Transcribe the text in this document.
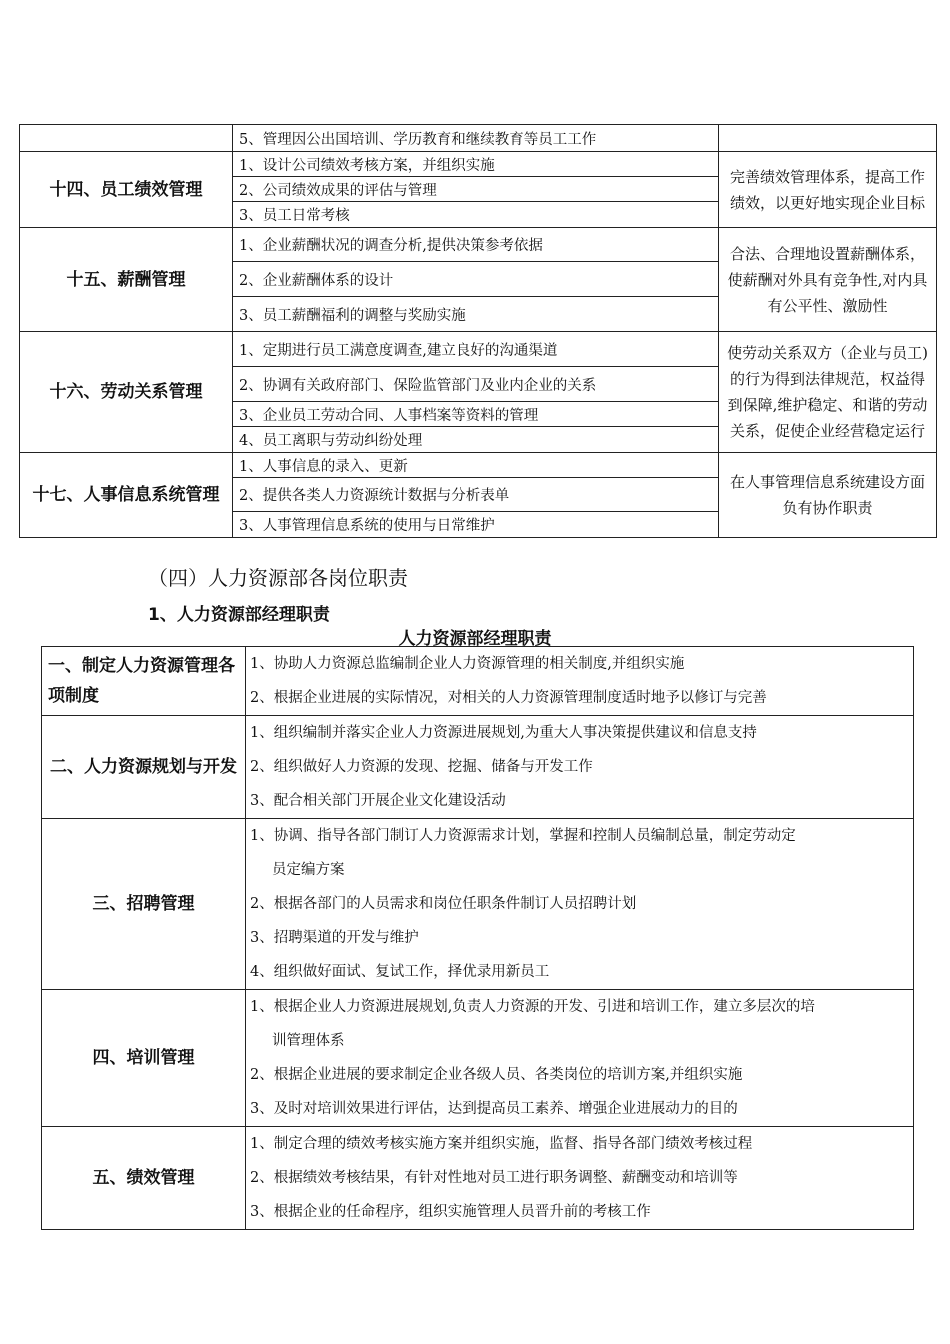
	5、管理因公出国培训、学历教育和继续教育等员工工作	
十四、员工绩效管理	1、设计公司绩效考核方案，并组织实施	完善绩效管理体系，提高工作绩效，以更好地实现企业目标
	2、公司绩效成果的评估与管理	
	3、员工日常考核	
十五、薪酬管理	1、企业薪酬状况的调查分析,提供决策参考依据	合法、合理地设置薪酬体系，使薪酬对外具有竞争性,对内具有公平性、激励性
	2、企业薪酬体系的设计	
	3、员工薪酬福利的调整与奖励实施	
十六、劳动关系管理	1、定期进行员工满意度调查,建立良好的沟通渠道	使劳动关系双方（企业与员工)的行为得到法律规范，权益得到保障,维护稳定、和谐的劳动关系，促使企业经营稳定运行
	2、协调有关政府部门、保险监管部门及业内企业的关系	
	3、企业员工劳动合同、人事档案等资料的管理	
	4、员工离职与劳动纠纷处理	
十七、人事信息系统管理	1、人事信息的录入、更新	在人事管理信息系统建设方面负有协作职责
	2、提供各类人力资源统计数据与分析表单	
	3、人事管理信息系统的使用与日常维护	
（四）人力资源部各岗位职责
1、人力资源部经理职责
人力资源部经理职责
一、制定人力资源管理各项制度	1、协助人力资源总监编制企业人力资源管理的相关制度,并组织实施

2、根据企业进展的实际情况，对相关的人力资源管理制度适时地予以修订与完善

二、人力资源规划与开发	1、组织编制并落实企业人力资源进展规划,为重大人事决策提供建议和信息支持

2、组织做好人力资源的发现、挖掘、储备与开发工作

3、配合相关部门开展企业文化建设活动

三、招聘管理	1、协调、指导各部门制订人力资源需求计划，掌握和控制人员编制总量，制定劳动定

员定编方案

2、根据各部门的人员需求和岗位任职条件制订人员招聘计划

3、招聘渠道的开发与维护

4、组织做好面试、复试工作，择优录用新员工

四、培训管理	1、根据企业人力资源进展规划,负责人力资源的开发、引进和培训工作，建立多层次的培

训管理体系

2、根据企业进展的要求制定企业各级人员、各类岗位的培训方案,并组织实施

3、及时对培训效果进行评估，达到提高员工素养、增强企业进展动力的目的

五、绩效管理	1、制定合理的绩效考核实施方案并组织实施，监督、指导各部门绩效考核过程

2、根据绩效考核结果，有针对性地对员工进行职务调整、薪酬变动和培训等

3、根据企业的任命程序，组织实施管理人员晋升前的考核工作
